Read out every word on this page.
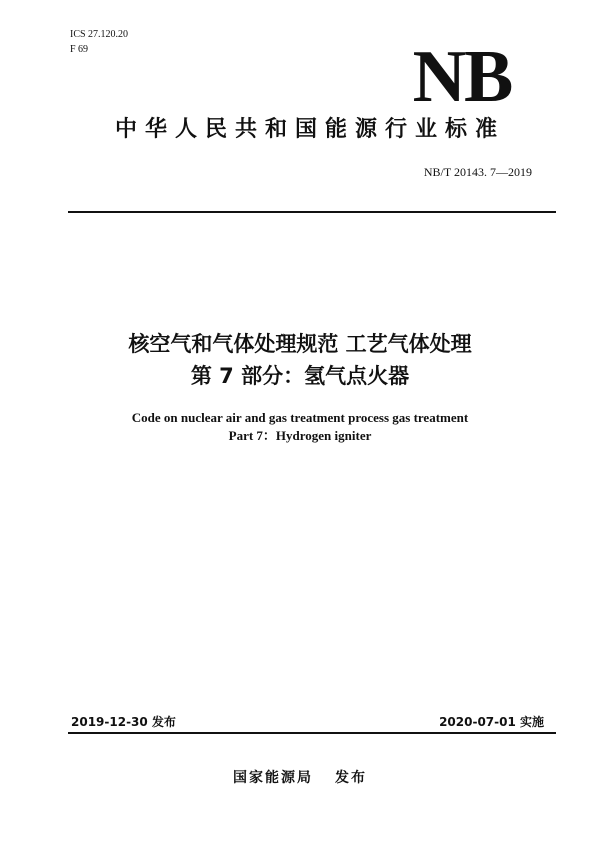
ICS 27.120.20
F 69	NB
中华人民共和国能源行业标准
NB/T 20143. 7—2019
核空气和气体处理规范 工艺气体处理
第 7 部分：氢气点火器
Code on nuclear air and gas treatment process gas treatment
Part 7：Hydrogen igniter
2019-12-30 发布	2020-07-01 实施
国家能源局 发布
